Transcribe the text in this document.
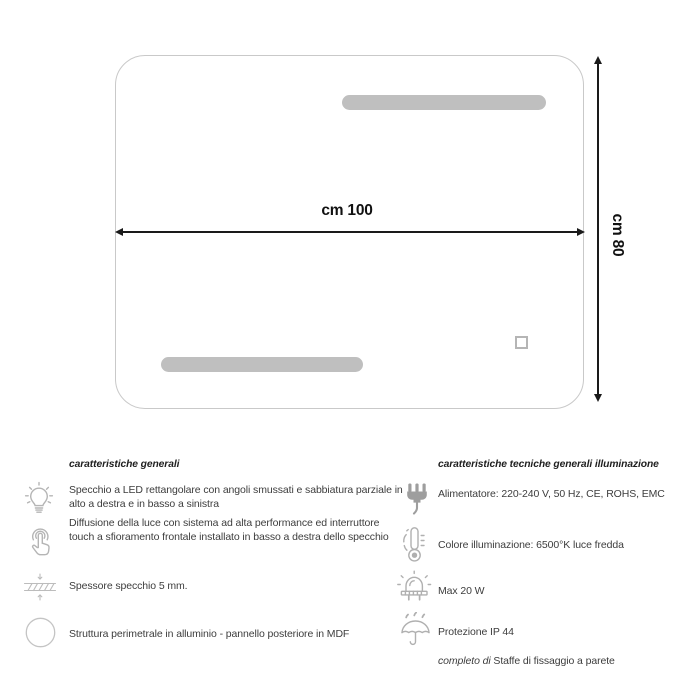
cm 100
cm 80
caratteristiche generali
Specchio a LED rettangolare con angoli smussati e sabbiatura parziale in alto a destra e in basso a sinistra
Diffusione della luce con sistema ad alta performance ed interruttore touch a sfioramento frontale installato in basso a destra dello specchio
Spessore specchio 5 mm.
Struttura perimetrale in alluminio - pannello posteriore in MDF
caratteristiche tecniche generali illuminazione
Alimentatore: 220-240 V, 50 Hz, CE, ROHS, EMC
Colore illuminazione: 6500°K luce fredda
Max 20 W
Protezione IP 44
completo di Staffe di fissaggio a parete
